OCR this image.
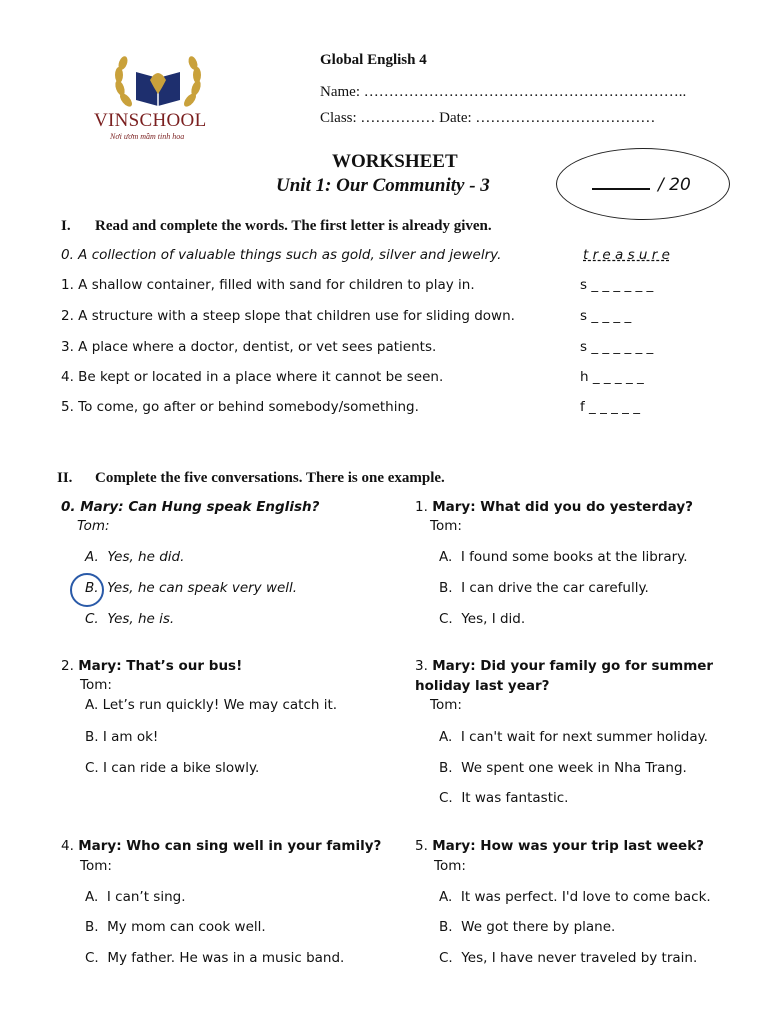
VINSCHOOL
Nơi ươm mầm tinh hoa
Global English 4
Name: ………………………………………………………..
Class: …………… Date: ………………………………
WORKSHEET
Unit 1: Our Community - 3	/ 20
I. Read and complete the words. The first letter is already given.
0. A collection of valuable things such as gold, silver and jewelry.	t r e a s u r e
1. A shallow container, filled with sand for children to play in.	s _ _ _ _ _ _
2. A structure with a steep slope that children use for sliding down.	s _ _ _ _
3. A place where a doctor, dentist, or vet sees patients.	s _ _ _ _ _ _
4. Be kept or located in a place where it cannot be seen.	h _ _ _ _ _
5. To come, go after or behind somebody/something.	f _ _ _ _ _
II. Complete the five conversations. There is one example.
0. Mary: Can Hung speak English?
Tom:
A. Yes, he did.
B. Yes, he can speak very well.
C. Yes, he is.
1. Mary: What did you do yesterday?
Tom:
A. I found some books at the library.
B. I can drive the car carefully.
C. Yes, I did.
2. Mary: That’s our bus!
Tom:
A. Let’s run quickly! We may catch it.
B. I am ok!
C. I can ride a bike slowly.
3. Mary: Did your family go for summer
holiday last year?
Tom:
A. I can't wait for next summer holiday.
B. We spent one week in Nha Trang.
C. It was fantastic.
4. Mary: Who can sing well in your family?
Tom:
A. I can’t sing.
B. My mom can cook well.
C. My father. He was in a music band.
5. Mary: How was your trip last week?
Tom:
A. It was perfect. I'd love to come back.
B. We got there by plane.
C. Yes, I have never traveled by train.
